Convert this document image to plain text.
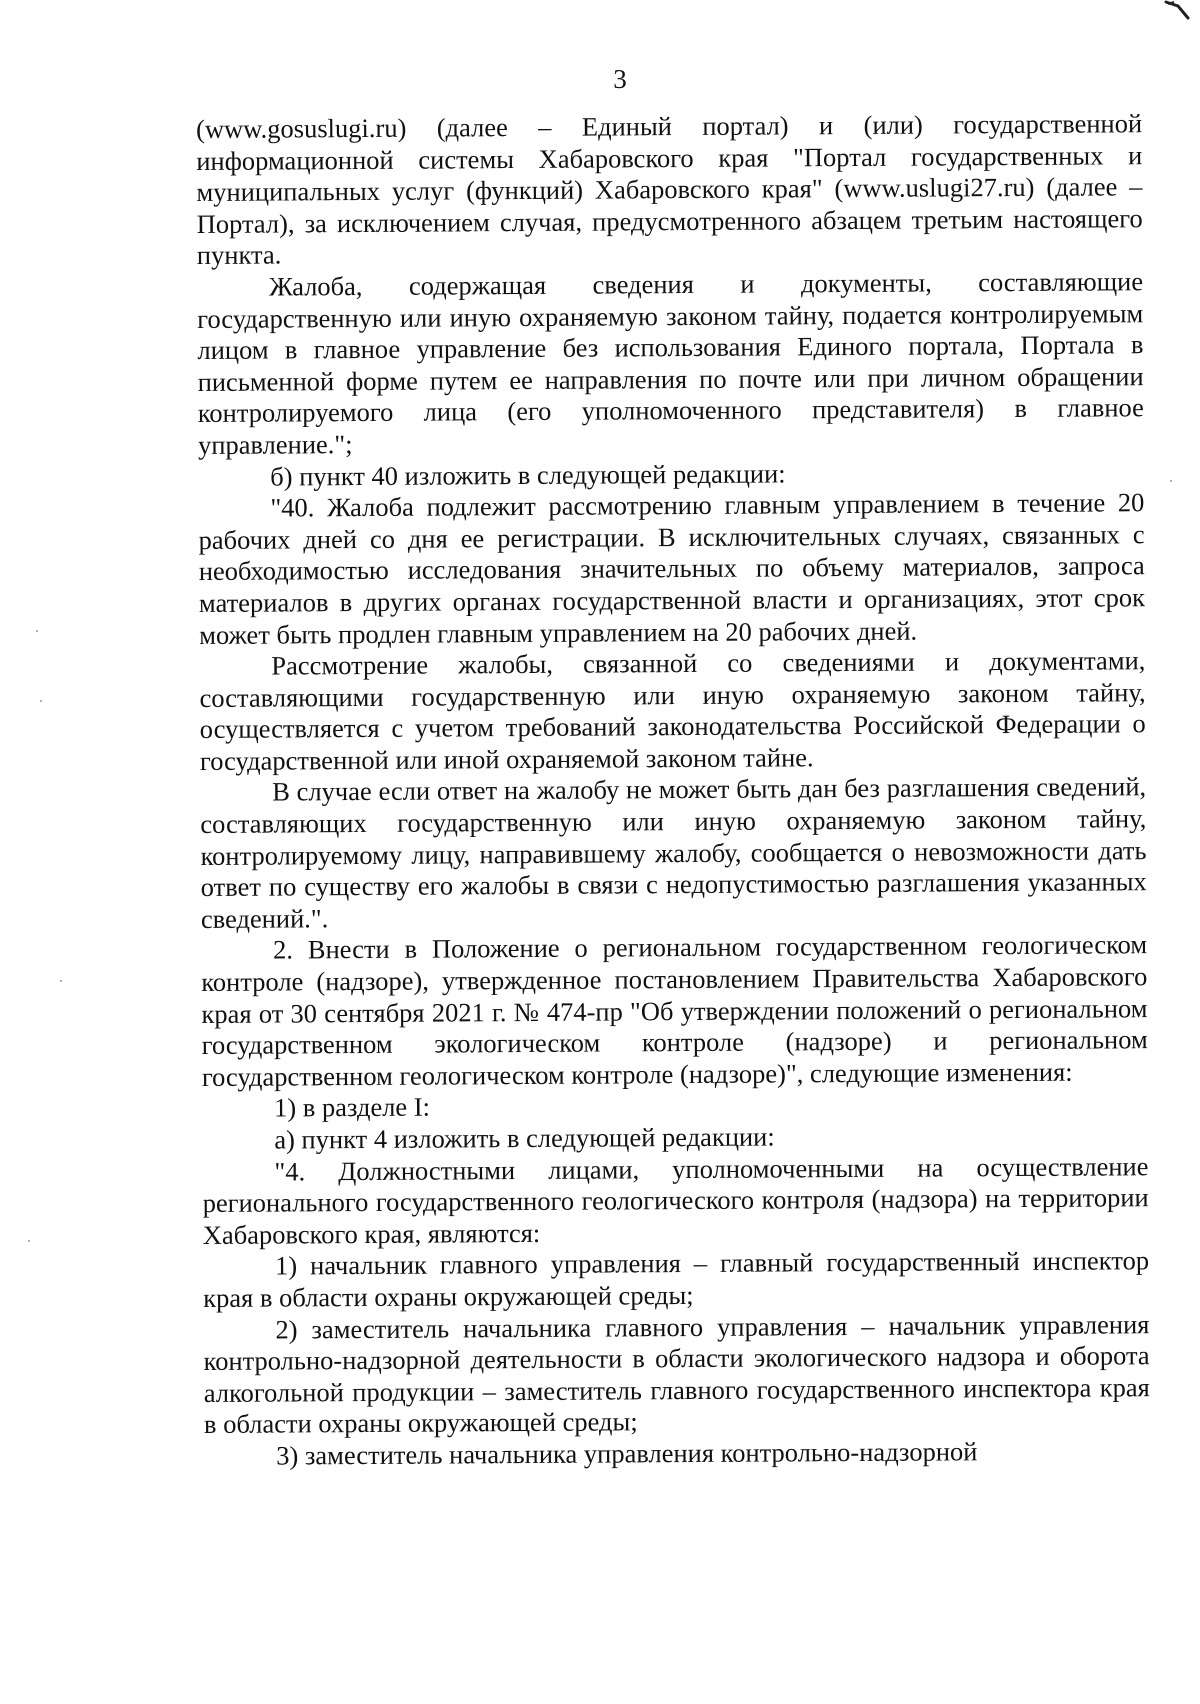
3

(www.gosuslugi.ru) (далее – Единый портал) и (или) государственной информационной системы Хабаровского края "Портал государственных и муниципальных услуг (функций) Хабаровского края" (www.uslugi27.ru) (далее – Портал), за исключением случая, предусмотренного абзацем третьим настоящего пункта.

Жалоба, содержащая сведения и документы, составляющие государственную или иную охраняемую законом тайну, подается контролируемым лицом в главное управление без использования Единого портала, Портала в письменной форме путем ее направления по почте или при личном обращении контролируемого лица (его уполномоченного представителя) в главное управление.";

б) пункт 40 изложить в следующей редакции:

"40. Жалоба подлежит рассмотрению главным управлением в течение 20 рабочих дней со дня ее регистрации. В исключительных случаях, связанных с необходимостью исследования значительных по объему материалов, запроса материалов в других органах государственной власти и организациях, этот срок может быть продлен главным управлением на 20 рабочих дней.

Рассмотрение жалобы, связанной со сведениями и документами, составляющими государственную или иную охраняемую законом тайну, осуществляется с учетом требований законодательства Российской Федерации о государственной или иной охраняемой законом тайне.

В случае если ответ на жалобу не может быть дан без разглашения сведений, составляющих государственную или иную охраняемую законом тайну, контролируемому лицу, направившему жалобу, сообщается о невозможности дать ответ по существу его жалобы в связи с недопустимостью разглашения указанных сведений.".

2. Внести в Положение о региональном государственном геологическом контроле (надзоре), утвержденное постановлением Правительства Хабаровского края от 30 сентября 2021 г. № 474-пр "Об утверждении положений о региональном государственном экологическом контроле (надзоре) и региональном государственном геологическом контроле (надзоре)", следующие изменения:

1) в разделе I:

а) пункт 4 изложить в следующей редакции:

"4. Должностными лицами, уполномоченными на осуществление регионального государственного геологического контроля (надзора) на территории Хабаровского края, являются:

1) начальник главного управления – главный государственный инспектор края в области охраны окружающей среды;

2) заместитель начальника главного управления – начальник управления контрольно-надзорной деятельности в области экологического надзора и оборота алкогольной продукции – заместитель главного государственного инспектора края в области охраны окружающей среды;

3) заместитель начальника управления контрольно-надзорной
